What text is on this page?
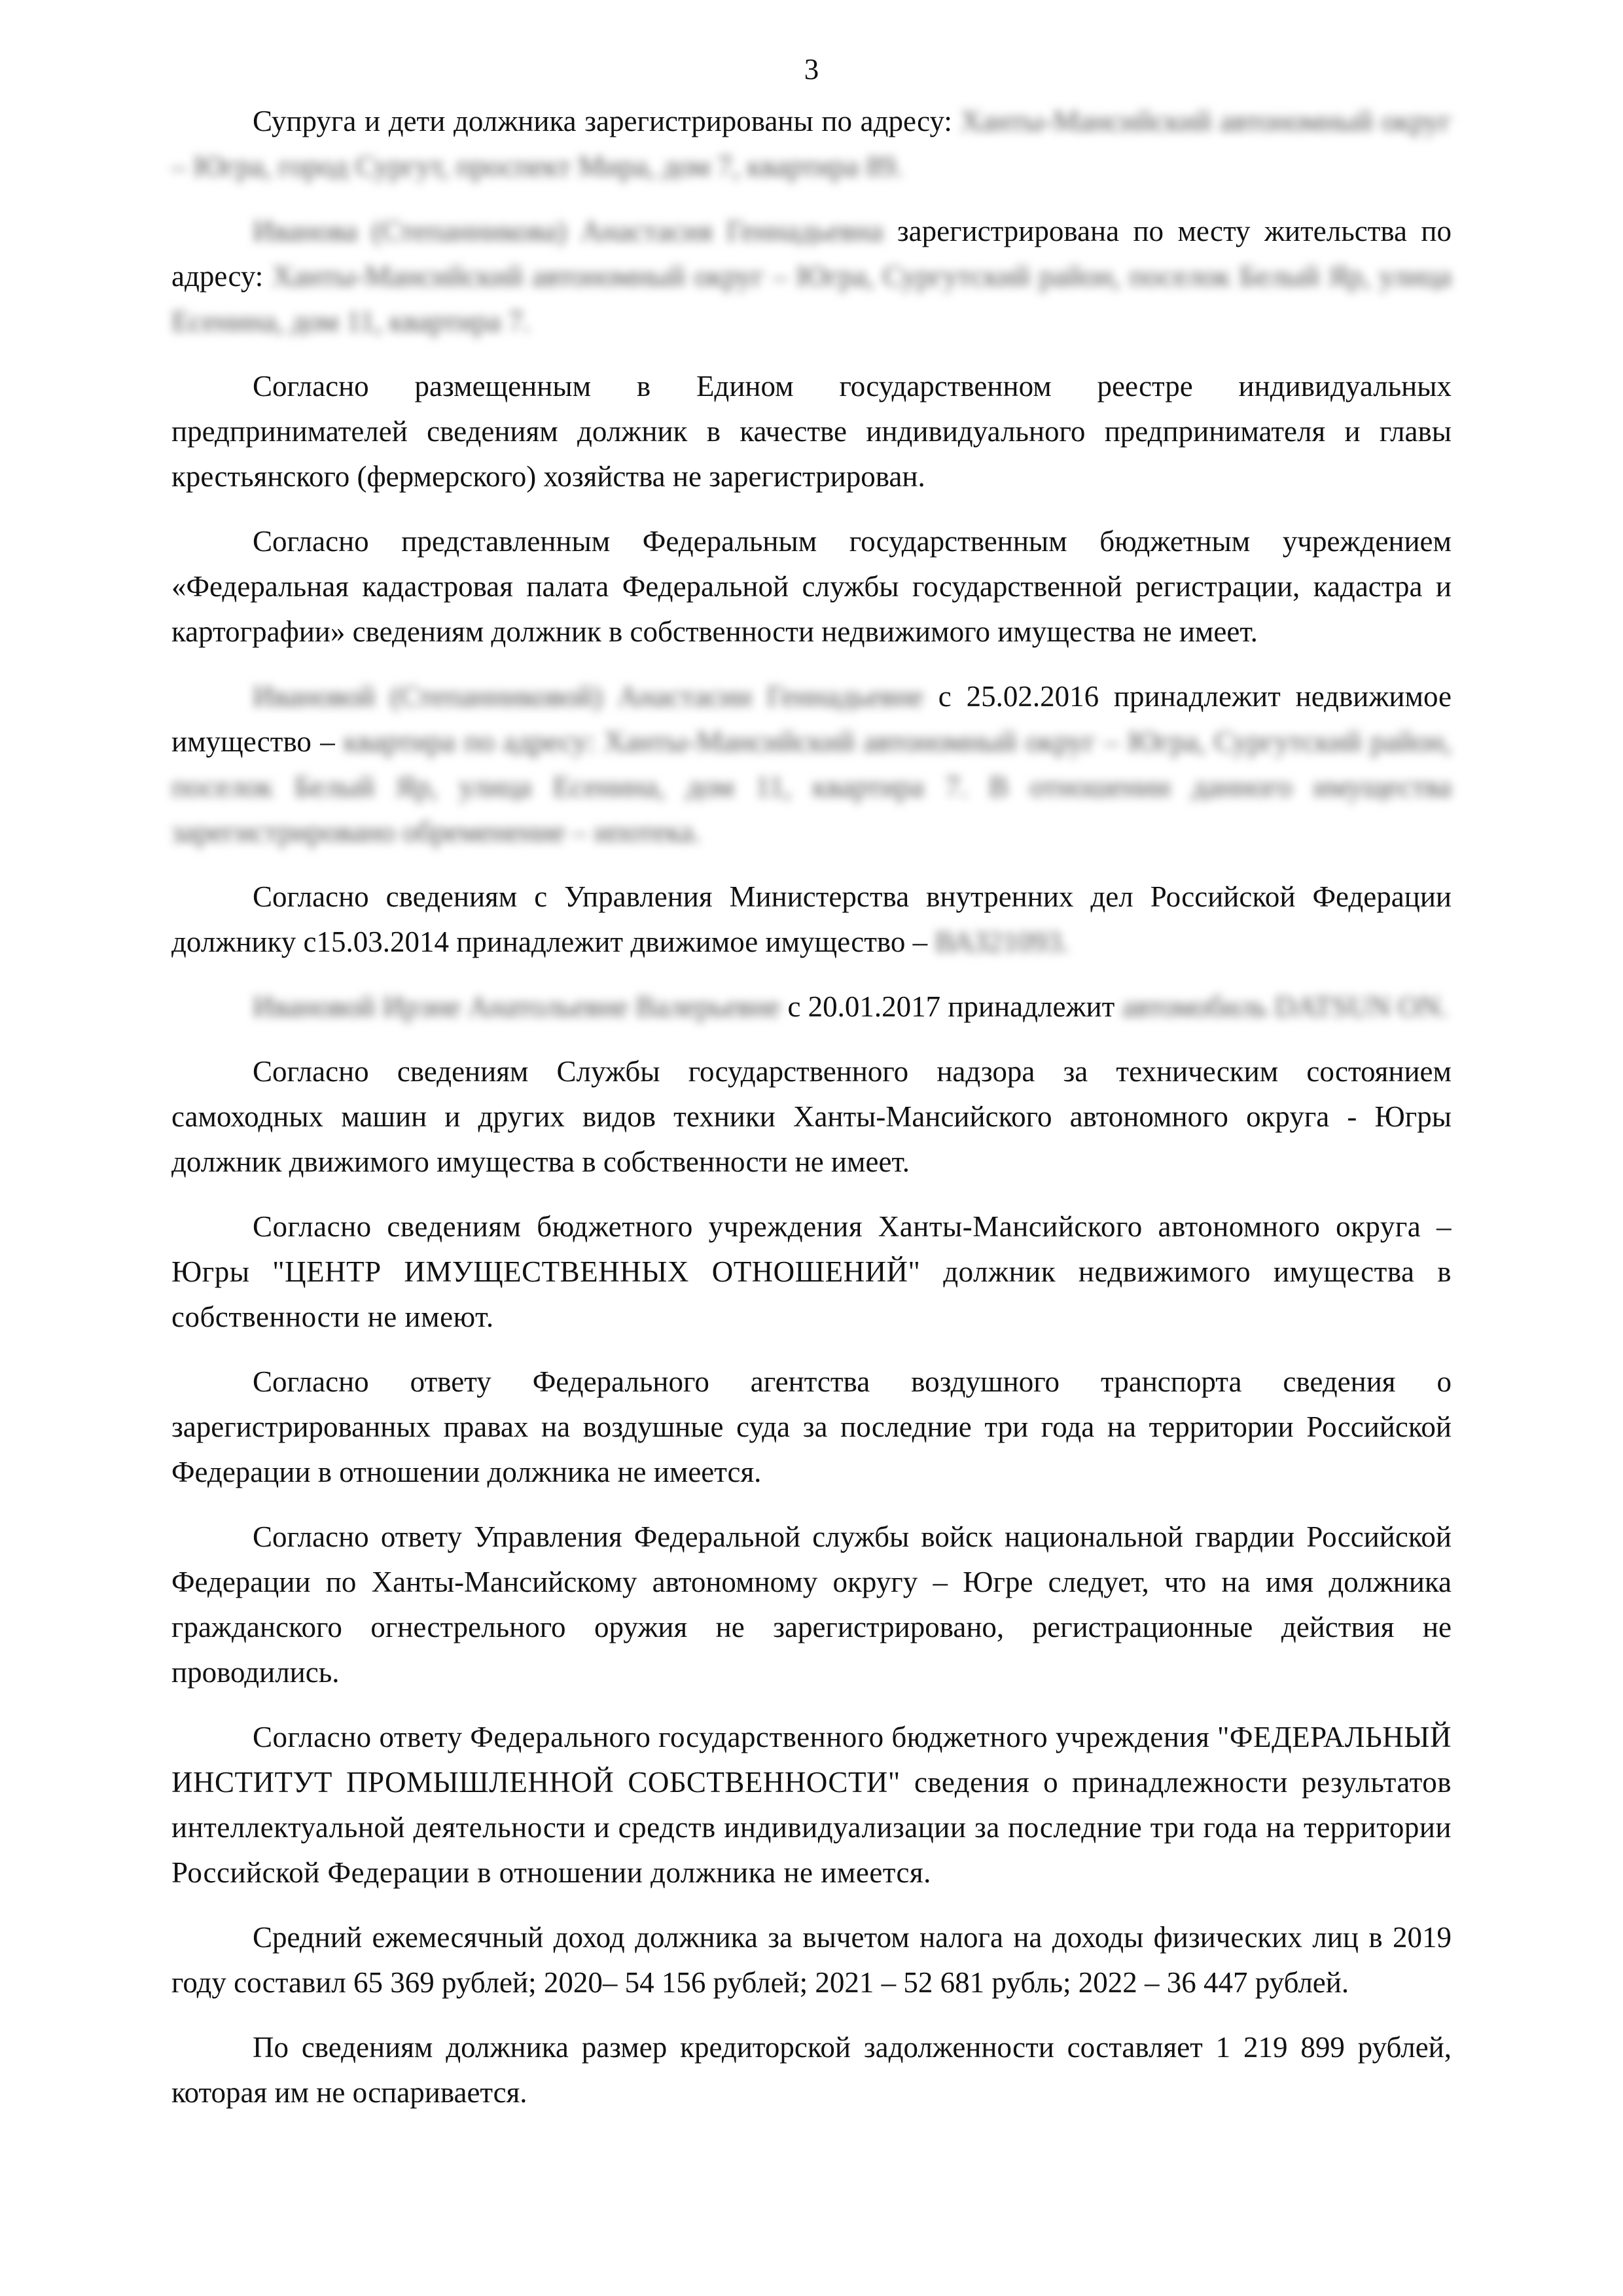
3

Супруга и дети должника зарегистрированы по адресу: Ханты-Мансийский автономный округ – Югра, город Сургут, проспект Мира, дом 7, квартира 89.

Иванова (Степанникова) Анастасия Геннадьевна зарегистрирована по месту жительства по адресу: Ханты-Мансийский автономный округ – Югра, Сургутский район, поселок Белый Яр, улица Есенина, дом 11, квартира 7.

Согласно размещенным в Едином государственном реестре индивидуальных предпринимателей сведениям должник в качестве индивидуального предпринимателя и главы крестьянского (фермерского) хозяйства не зарегистрирован.

Согласно представленным Федеральным государственным бюджетным учреждением «Федеральная кадастровая палата Федеральной службы государственной регистрации, кадастра и картографии» сведениям должник в собственности недвижимого имущества не имеет.

Ивановой (Степанниковой) Анастасии Геннадьевне с 25.02.2016 принадлежит недвижимое имущество – квартира по адресу: Ханты-Мансийский автономный округ – Югра, Сургутский район, поселок Белый Яр, улица Есенина, дом 11, квартира 7. В отношении данного имущества зарегистрировано обременение – ипотека.

Согласно сведениям с Управления Министерства внутренних дел Российской Федерации должнику с15.03.2014 принадлежит движимое имущество – ВАЗ21093.

Ивановой Ирэне Анатольевне Валерьевне с 20.01.2017 принадлежит автомобиль DATSUN ON.

Согласно сведениям Службы государственного надзора за техническим состоянием самоходных машин и других видов техники Ханты-Мансийского автономного округа - Югры должник движимого имущества в собственности не имеет.

Согласно сведениям бюджетного учреждения Ханты-Мансийского автономного округа – Югры "ЦЕНТР ИМУЩЕСТВЕННЫХ ОТНОШЕНИЙ" должник недвижимого имущества в собственности не имеют.

Согласно ответу Федерального агентства воздушного транспорта сведения о зарегистрированных правах на воздушные суда за последние три года на территории Российской Федерации в отношении должника не имеется.

Согласно ответу Управления Федеральной службы войск национальной гвардии Российской Федерации по Ханты-Мансийскому автономному округу – Югре следует, что на имя должника гражданского огнестрельного оружия не зарегистрировано, регистрационные действия не проводились.

Согласно ответу Федерального государственного бюджетного учреждения "ФЕДЕРАЛЬНЫЙ ИНСТИТУТ ПРОМЫШЛЕННОЙ СОБСТВЕННОСТИ" сведения о принадлежности результатов интеллектуальной деятельности и средств индивидуализации за последние три года на территории Российской Федерации в отношении должника не имеется.

Средний ежемесячный доход должника за вычетом налога на доходы физических лиц в 2019 году составил 65 369 рублей; 2020– 54 156 рублей; 2021 – 52 681 рубль; 2022 – 36 447 рублей.

По сведениям должника размер кредиторской задолженности составляет 1 219 899 рублей, которая им не оспаривается.
